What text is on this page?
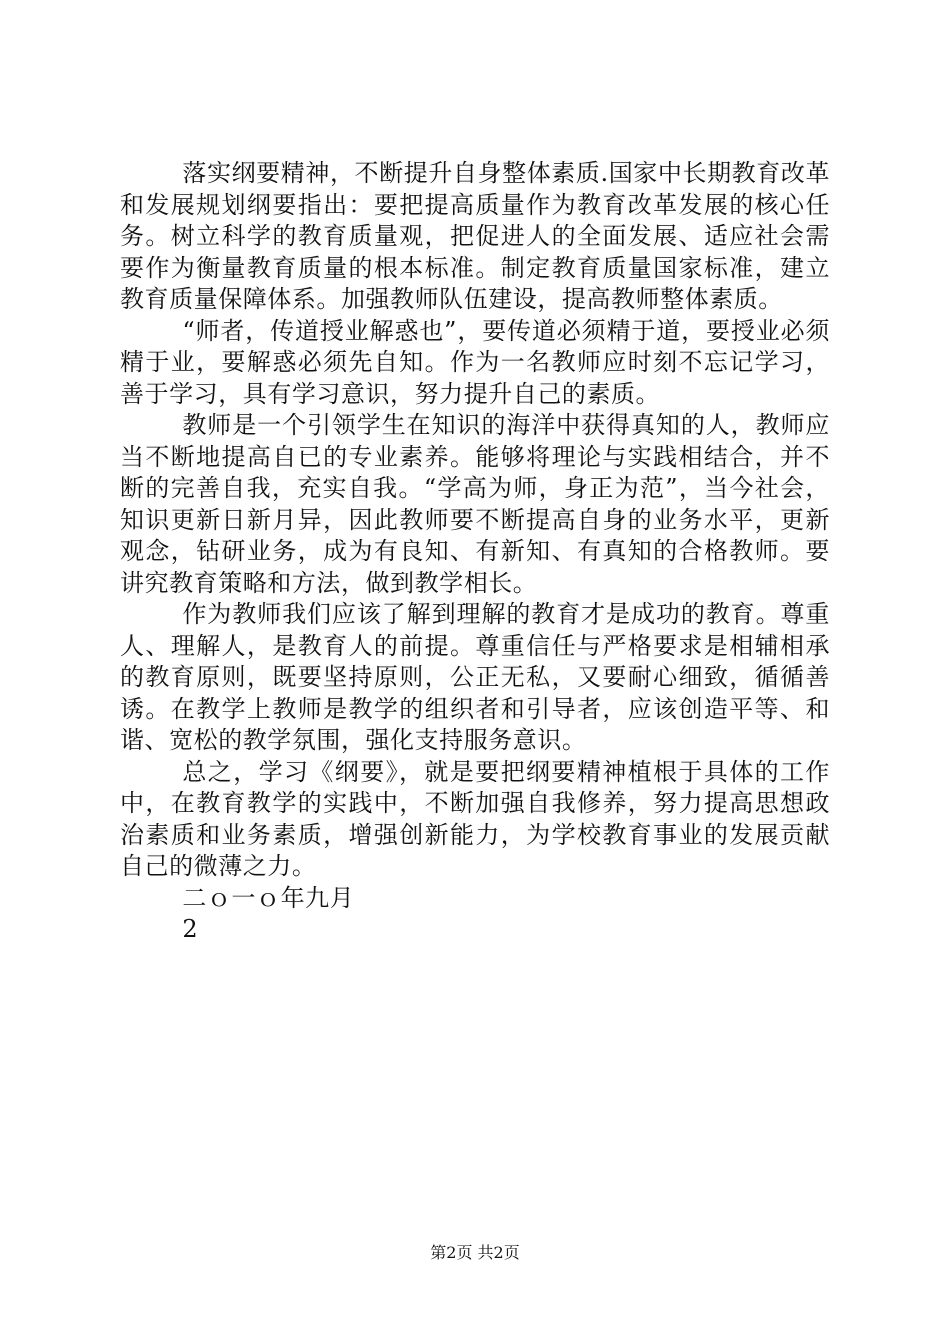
落实纲要精神，不断提升自身整体素质.国家中长期教育改革和发展规划纲要指出：要把提高质量作为教育改革发展的核心任务。树立科学的教育质量观，把促进人的全面发展、适应社会需要作为衡量教育质量的根本标准。制定教育质量国家标准，建立教育质量保障体系。加强教师队伍建设，提高教师整体素质。

“师者，传道授业解惑也”，要传道必须精于道，要授业必须精于业，要解惑必须先自知。作为一名教师应时刻不忘记学习，善于学习，具有学习意识，努力提升自己的素质。

教师是一个引领学生在知识的海洋中获得真知的人，教师应当不断地提高自已的专业素养。能够将理论与实践相结合，并不断的完善自我，充实自我。“学高为师，身正为范”，当今社会，知识更新日新月异，因此教师要不断提高自身的业务水平，更新观念，钻研业务，成为有良知、有新知、有真知的合格教师。要讲究教育策略和方法，做到教学相长。

作为教师我们应该了解到理解的教育才是成功的教育。尊重人、理解人，是教育人的前提。尊重信任与严格要求是相辅相承的教育原则，既要坚持原则，公正无私，又要耐心细致，循循善诱。在教学上教师是教学的组织者和引导者，应该创造平等、和谐、宽松的教学氛围，强化支持服务意识。

总之，学习《纲要》，就是要把纲要精神植根于具体的工作中，在教育教学的实践中，不断加强自我修养，努力提高思想政治素质和业务素质，增强创新能力，为学校教育事业的发展贡献自己的微薄之力。

二ｏ一ｏ年九月

2

第2页 共2页
